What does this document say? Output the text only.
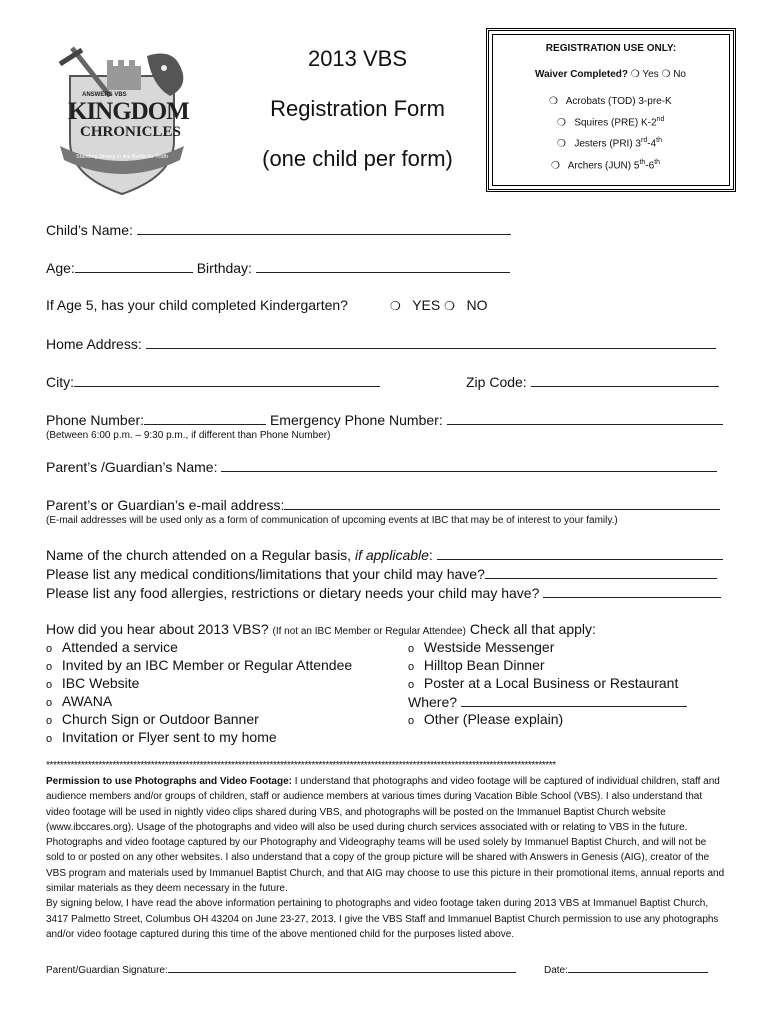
ANSWERS VBS
KINGDOM
CHRONICLES
Standing Strong in the Battle for Truth
2013 VBS
Registration Form
(one child per form)
REGISTRATION USE ONLY:
Waiver Completed? ❍ Yes ❍ No
❍ Acrobats (TOD) 3-pre-K
❍ Squires (PRE) K-2nd
❍ Jesters (PRI) 3rd-4th
❍ Archers (JUN) 5th-6th
Child’s Name:
Age:	Birthday:
If Age 5, has your child completed Kindergarten?	❍ YES ❍ NO
Home Address:
City:	Zip Code:
Phone Number:	Emergency Phone Number:
(Between 6:00 p.m. – 9:30 p.m., if different than Phone Number)
Parent’s /Guardian’s Name:
Parent’s or Guardian’s e-mail address:
(E-mail addresses will be used only as a form of communication of upcoming events at IBC that may be of interest to your family.)
Name of the church attended on a Regular basis, if applicable:
Please list any medical conditions/limitations that your child may have?
Please list any food allergies, restrictions or dietary needs your child may have?
How did you hear about 2013 VBS? (If not an IBC Member or Regular Attendee) Check all that apply:
o Attended a service
o Invited by an IBC Member or Regular Attendee
o IBC Website
o AWANA
o Church Sign or Outdoor Banner
o Invitation or Flyer sent to my home
o Westside Messenger
o Hilltop Bean Dinner
o Poster at a Local Business or Restaurant
Where?
o Other (Please explain)
**************************************************************************************************************************************************
Permission to use Photographs and Video Footage: I understand that photographs and video footage will be captured of individual children, staff and audience members and/or groups of children, staff or audience members at various times during Vacation Bible School (VBS). I also understand that video footage will be used in nightly video clips shared during VBS, and photographs will be posted on the Immanuel Baptist Church website (www.ibccares.org). Usage of the photographs and video will also be used during church services associated with or relating to VBS in the future. Photographs and video footage captured by our Photography and Videography teams will be used solely by Immanuel Baptist Church, and will not be sold to or posted on any other websites. I also understand that a copy of the group picture will be shared with Answers in Genesis (AIG), creator of the VBS program and materials used by Immanuel Baptist Church, and that AIG may choose to use this picture in their promotional items, annual reports and similar materials as they deem necessary in the future.
By signing below, I have read the above information pertaining to photographs and video footage taken during 2013 VBS at Immanuel Baptist Church, 3417 Palmetto Street, Columbus OH 43204 on June 23-27, 2013. I give the VBS Staff and Immanuel Baptist Church permission to use any photographs and/or video footage captured during this time of the above mentioned child for the purposes listed above.
Parent/Guardian Signature:	Date:
